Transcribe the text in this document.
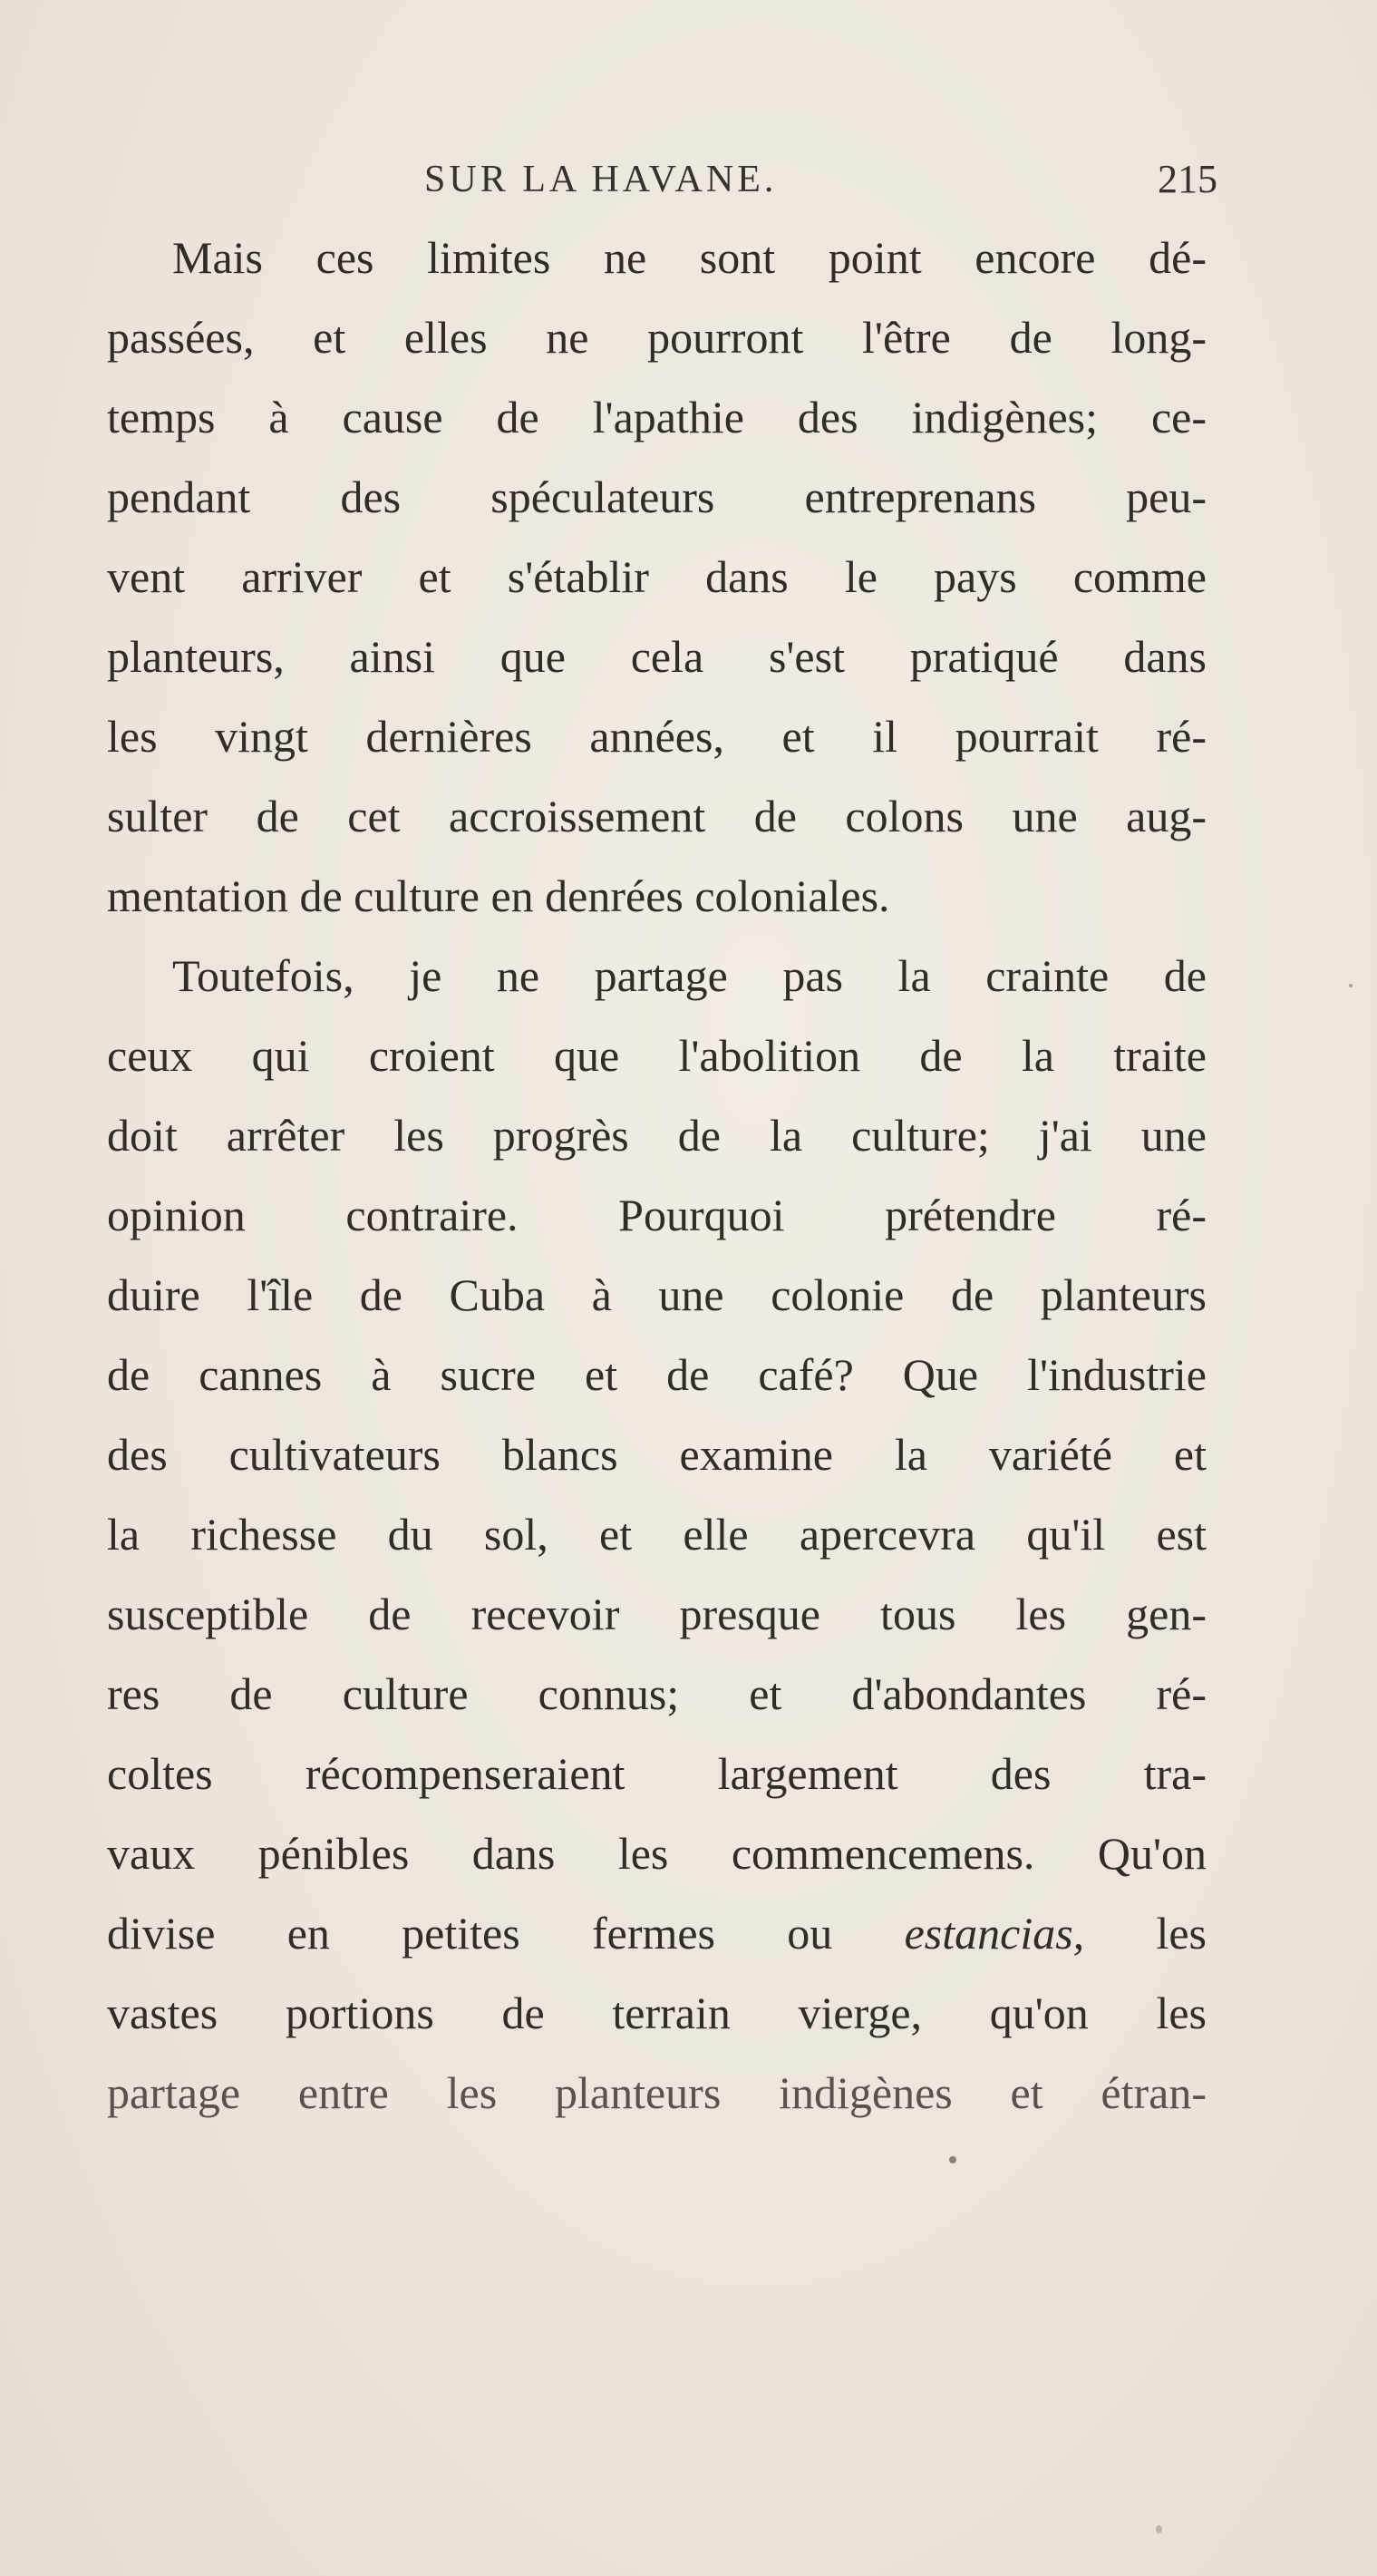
SUR LA HAVANE.	215
Mais ces limites ne sont point encore dé-
passées, et elles ne pourront l'être de long-
temps à cause de l'apathie des indigènes; ce-
pendant des spéculateurs entreprenans peu-
vent arriver et s'établir dans le pays comme
planteurs, ainsi que cela s'est pratiqué dans
les vingt dernières années, et il pourrait ré-
sulter de cet accroissement de colons une aug-
mentation de culture en denrées coloniales.
Toutefois, je ne partage pas la crainte de
ceux qui croient que l'abolition de la traite
doit arrêter les progrès de la culture; j'ai une
opinion contraire. Pourquoi prétendre ré-
duire l'île de Cuba à une colonie de planteurs
de cannes à sucre et de café? Que l'industrie
des cultivateurs blancs examine la variété et
la richesse du sol, et elle apercevra qu'il est
susceptible de recevoir presque tous les gen-
res de culture connus; et d'abondantes ré-
coltes récompenseraient largement des tra-
vaux pénibles dans les commencemens. Qu'on
divise en petites fermes ou estancias, les
vastes portions de terrain vierge, qu'on les
partage entre les planteurs indigènes et étran-
